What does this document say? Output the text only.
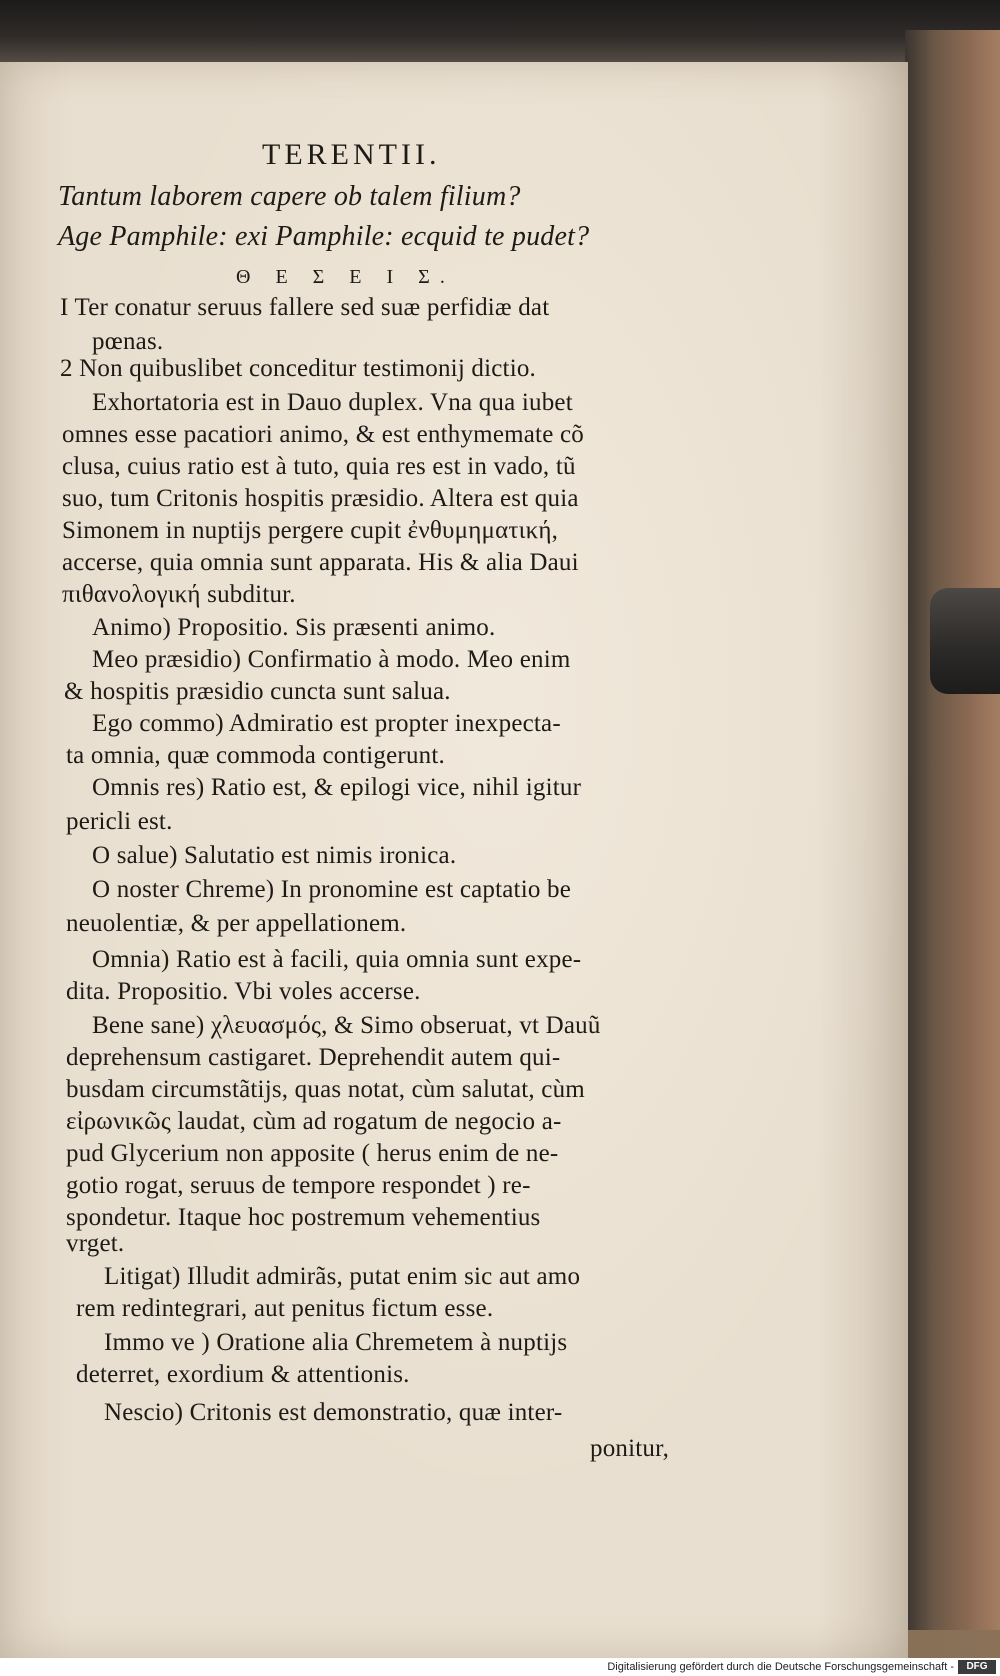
TERENTII.
Tantum laborem capere ob talem filium?
Age Pamphile: exi Pamphile: ecquid te pudet?
Θ Ε Σ Ε Ι Σ.
I Ter conatur seruus fallere sed suæ perfidiæ dat
pœnas.
2 Non quibuslibet conceditur testimonij dictio.
Exhortatoria est in Dauo duplex. Vna qua iubet
omnes esse pacatiori animo, & est enthymemate cõ
clusa, cuius ratio est à tuto, quia res est in vado, tũ
suo, tum Critonis hospitis præsidio. Altera est quia
Simonem in nuptijs pergere cupit ἐνθυμηματική,
accerse, quia omnia sunt apparata. His & alia Daui
πιθανολογική subditur.
Animo) Propositio. Sis præsenti animo.
Meo præsidio) Confirmatio à modo. Meo enim
& hospitis præsidio cuncta sunt salua.
Ego commo) Admiratio est propter inexpecta-
ta omnia, quæ commoda contigerunt.
Omnis res) Ratio est, & epilogi vice, nihil igitur
pericli est.
O salue) Salutatio est nimis ironica.
O noster Chreme) In pronomine est captatio be
neuolentiæ, & per appellationem.
Omnia) Ratio est à facili, quia omnia sunt expe-
dita. Propositio. Vbi voles accerse.
Bene sane) χλευασμός, & Simo obseruat, vt Dauũ
deprehensum castigaret. Deprehendit autem qui-
busdam circumstãtijs, quas notat, cùm salutat, cùm
εἰρωνικῶς laudat, cùm ad rogatum de negocio a-
pud Glycerium non apposite ( herus enim de ne-
gotio rogat, seruus de tempore respondet ) re-
spondetur. Itaque hoc postremum vehementius
vrget.
Litigat) Illudit admirãs, putat enim sic aut amo
rem redintegrari, aut penitus fictum esse.
Immo ve ) Oratione alia Chremetem à nuptijs
deterret, exordium & attentionis.
Nescio) Critonis est demonstratio, quæ inter-
ponitur,
Digitalisierung gefördert durch die Deutsche Forschungsgemeinschaft -	DFG
